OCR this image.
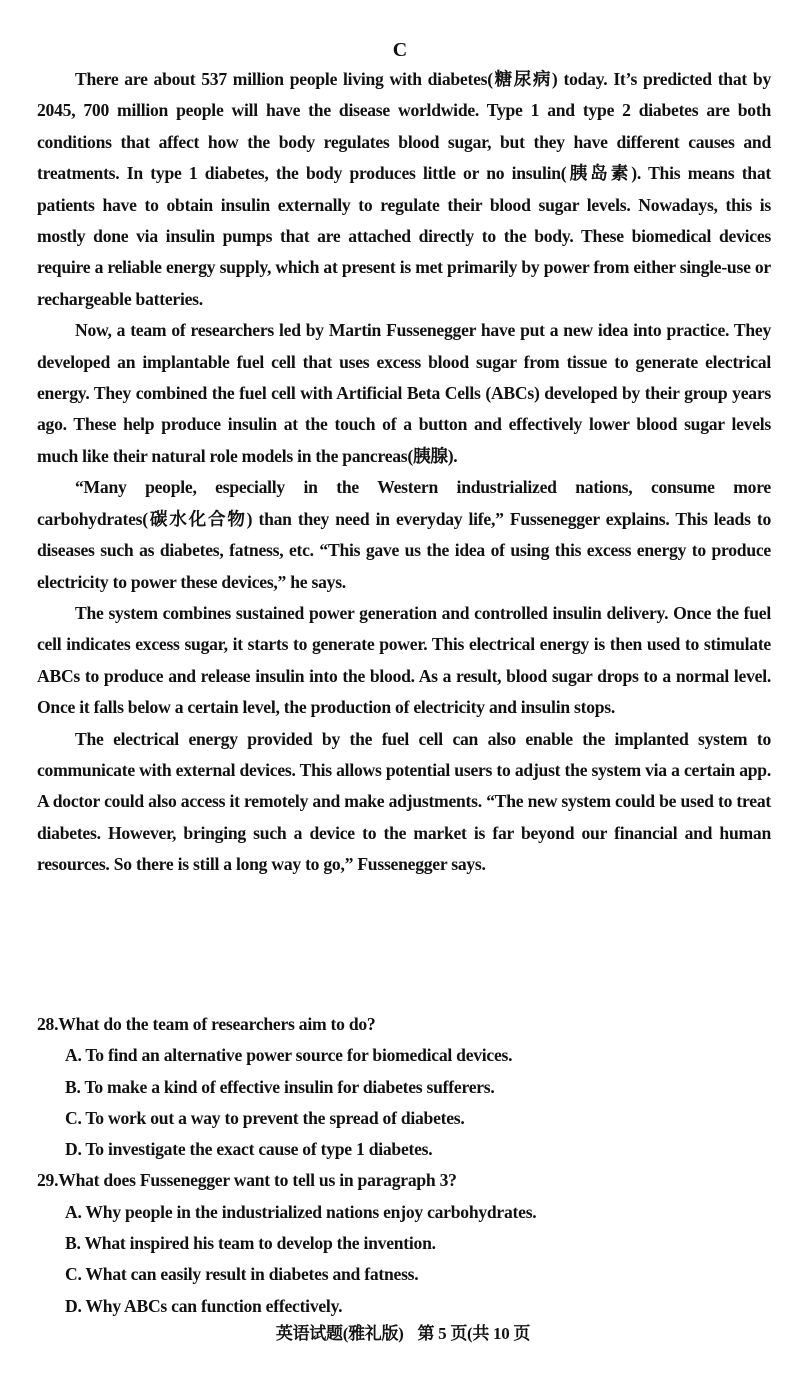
C

There are about 537 million people living with diabetes(糖尿病) today. It’s predicted that by 2045, 700 million people will have the disease worldwide. Type 1 and type 2 diabetes are both conditions that affect how the body regulates blood sugar, but they have different causes and treatments. In type 1 diabetes, the body produces little or no insulin(胰岛素). This means that patients have to obtain insulin externally to regulate their blood sugar levels. Nowadays, this is mostly done via insulin pumps that are attached directly to the body. These biomedical devices require a reliable energy supply, which at present is met primarily by power from either single-use or rechargeable batteries.

Now, a team of researchers led by Martin Fussenegger have put a new idea into practice. They developed an implantable fuel cell that uses excess blood sugar from tissue to generate electrical energy. They combined the fuel cell with Artificial Beta Cells (ABCs) developed by their group years ago. These help produce insulin at the touch of a button and effectively lower blood sugar levels much like their natural role models in the pancreas(胰腺).

“Many people, especially in the Western industrialized nations, consume more carbohydrates(碳水化合物) than they need in everyday life,” Fussenegger explains. This leads to diseases such as diabetes, fatness, etc. “This gave us the idea of using this excess energy to produce electricity to power these devices,” he says.

The system combines sustained power generation and controlled insulin delivery. Once the fuel cell indicates excess sugar, it starts to generate power. This electrical energy is then used to stimulate ABCs to produce and release insulin into the blood. As a result, blood sugar drops to a normal level. Once it falls below a certain level, the production of electricity and insulin stops.

The electrical energy provided by the fuel cell can also enable the implanted system to communicate with external devices. This allows potential users to adjust the system via a certain app. A doctor could also access it remotely and make adjustments. “The new system could be used to treat diabetes. However, bringing such a device to the market is far beyond our financial and human resources. So there is still a long way to go,” Fussenegger says.

28.What do the team of researchers aim to do?
A. To find an alternative power source for biomedical devices.
B. To make a kind of effective insulin for diabetes sufferers.
C. To work out a way to prevent the spread of diabetes.
D. To investigate the exact cause of type 1 diabetes.
29.What does Fussenegger want to tell us in paragraph 3?
A. Why people in the industrialized nations enjoy carbohydrates.
B. What inspired his team to develop the invention.
C. What can easily result in diabetes and fatness.
D. Why ABCs can function effectively.
英语试题(雅礼版) 第 5 页(共 10 页
